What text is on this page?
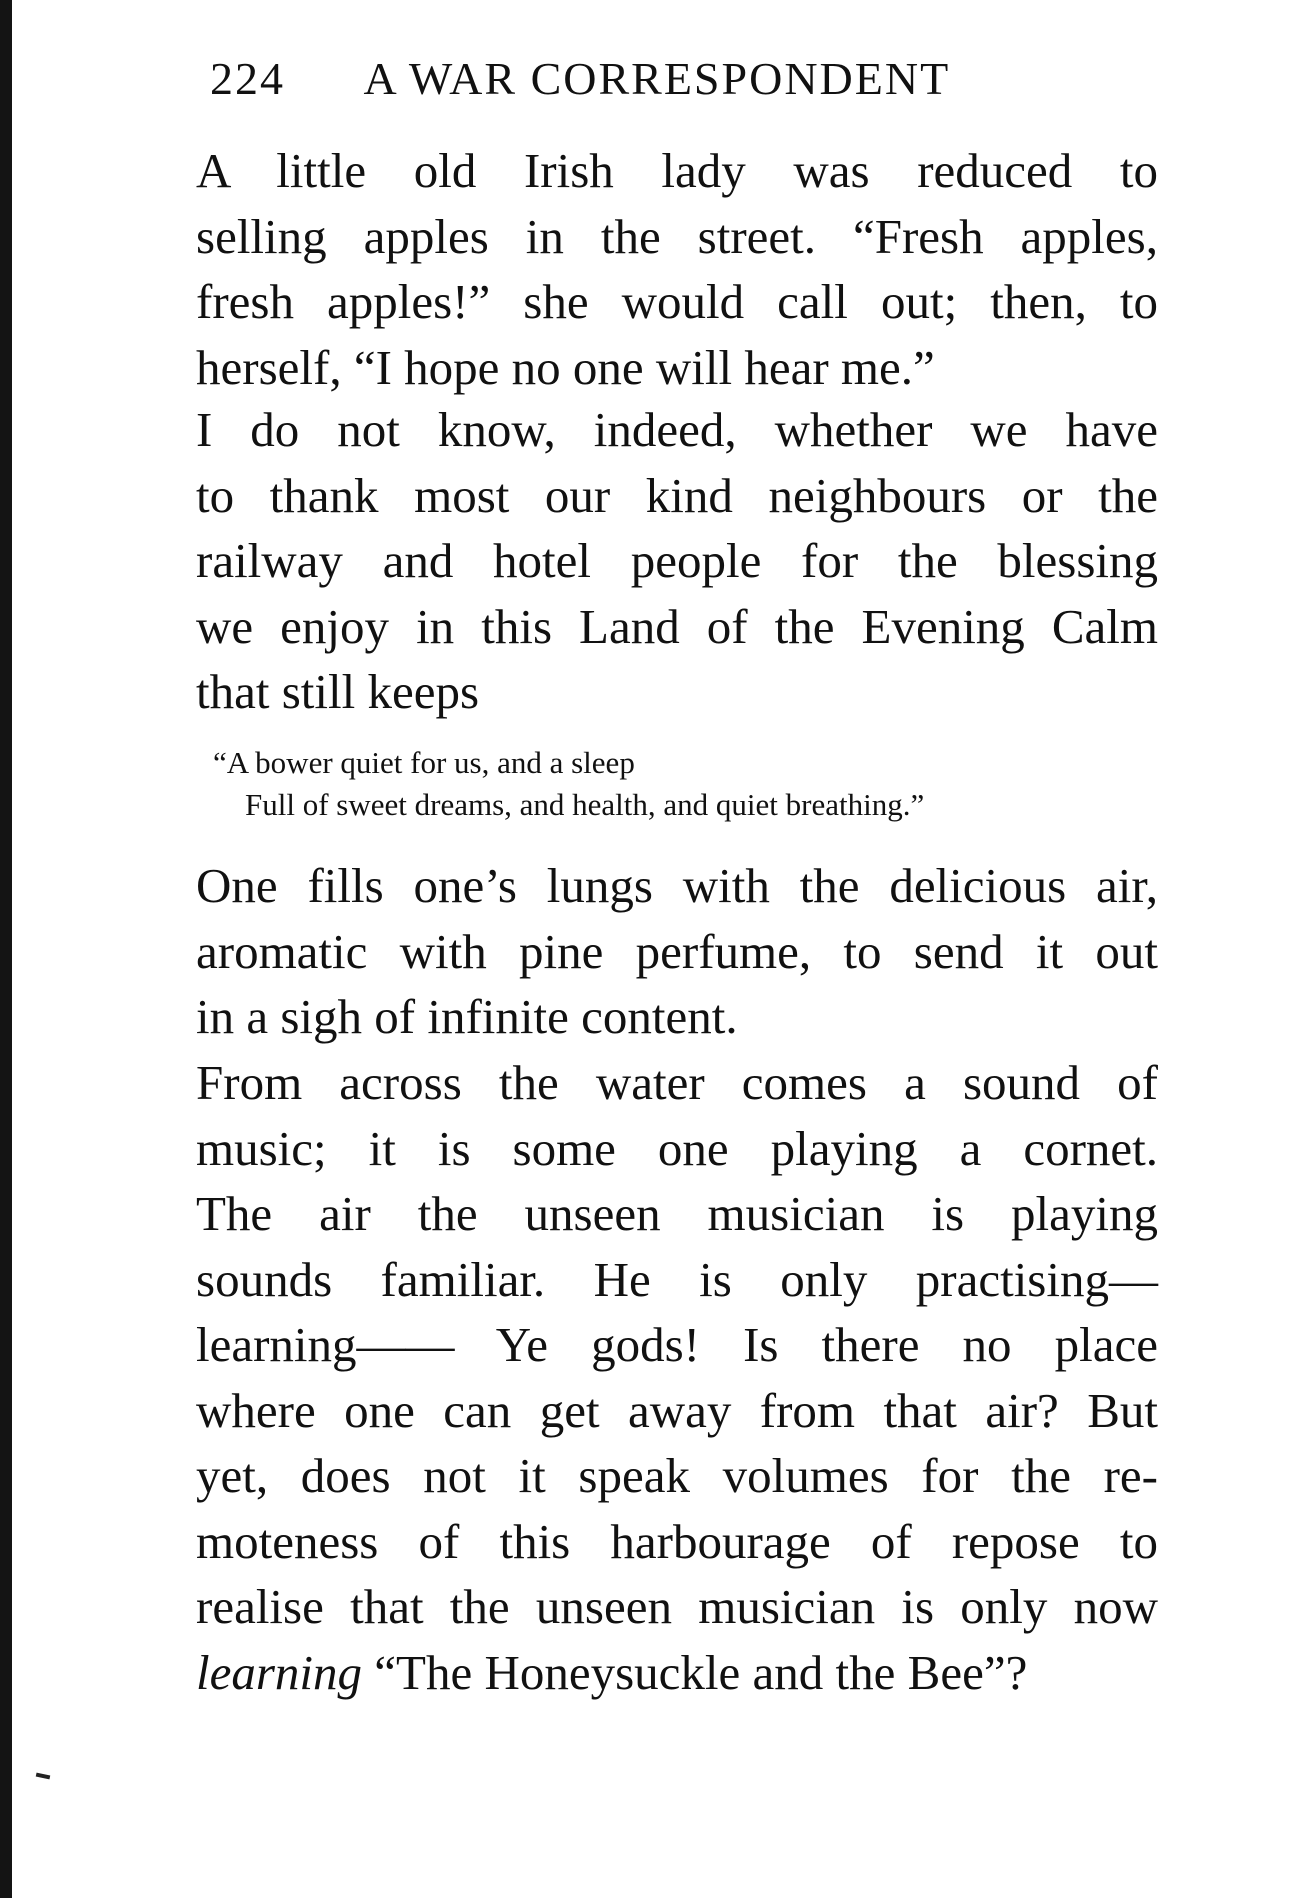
224 A WAR CORRESPONDENT

A little old Irish lady was reduced to
selling apples in the street. “Fresh apples,
fresh apples!” she would call out; then, to
herself, “I hope no one will hear me.”

I do not know, indeed, whether we have
to thank most our kind neighbours or the
railway and hotel people for the blessing
we enjoy in this Land of the Evening Calm
that still keeps

“A bower quiet for us, and a sleep
Full of sweet dreams, and health, and quiet breathing.”

One fills one’s lungs with the delicious air,
aromatic with pine perfume, to send it out
in a sigh of infinite content.

From across the water comes a sound of
music; it is some one playing a cornet.
The air the unseen musician is playing
sounds familiar. He is only practising—
learning—— Ye gods! Is there no place
where one can get away from that air? But
yet, does not it speak volumes for the re-
moteness of this harbourage of repose to
realise that the unseen musician is only now
learning “The Honeysuckle and the Bee”?
